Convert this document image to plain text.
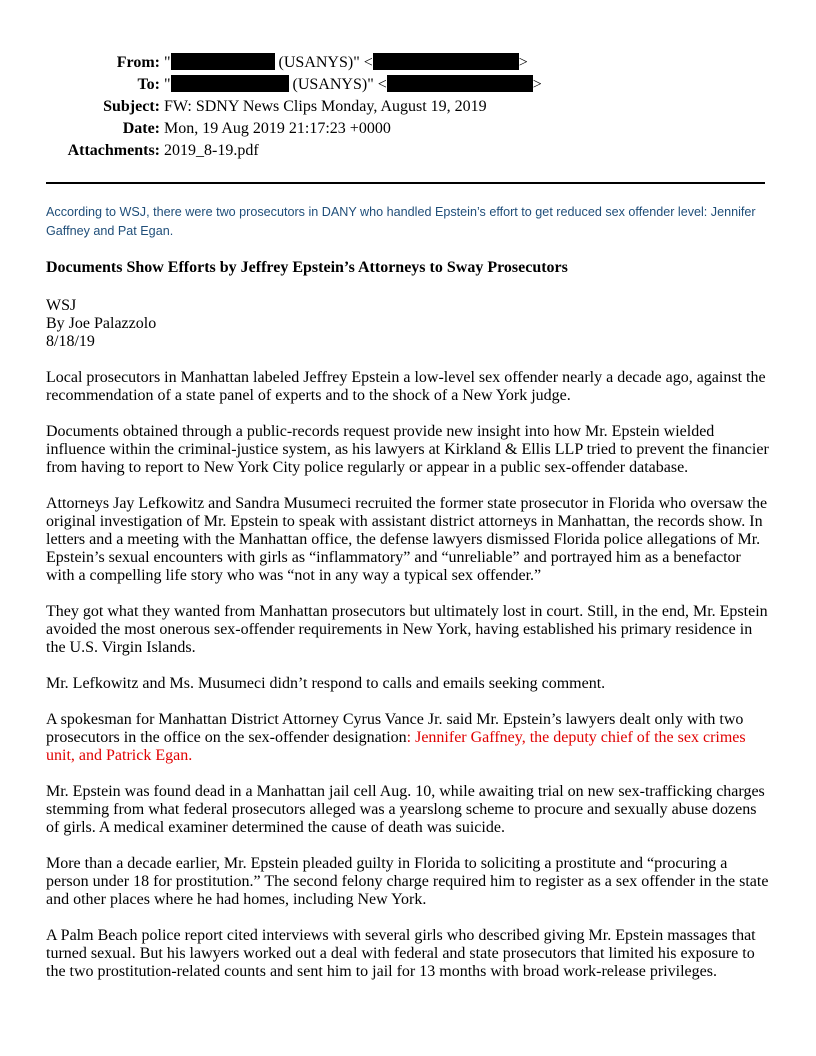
From: "	(USANYS)" <	>
To: "	(USANYS)" <	>
Subject: FW: SDNY News Clips Monday, August 19, 2019
Date: Mon, 19 Aug 2019 21:17:23 +0000
Attachments: 2019_8-19.pdf
According to WSJ, there were two prosecutors in DANY who handled Epstein’s effort to get reduced sex offender level: Jennifer Gaffney and Pat Egan.
Documents Show Efforts by Jeffrey Epstein’s Attorneys to Sway Prosecutors
WSJ
By Joe Palazzolo
8/18/19

Local prosecutors in Manhattan labeled Jeffrey Epstein a low-level sex offender nearly a decade ago, against the recommendation of a state panel of experts and to the shock of a New York judge.

Documents obtained through a public-records request provide new insight into how Mr. Epstein wielded influence within the criminal-justice system, as his lawyers at Kirkland & Ellis LLP tried to prevent the financier from having to report to New York City police regularly or appear in a public sex-offender database.

Attorneys Jay Lefkowitz and Sandra Musumeci recruited the former state prosecutor in Florida who oversaw the original investigation of Mr. Epstein to speak with assistant district attorneys in Manhattan, the records show. In letters and a meeting with the Manhattan office, the defense lawyers dismissed Florida police allegations of Mr. Epstein’s sexual encounters with girls as “inflammatory” and “unreliable” and portrayed him as a benefactor with a compelling life story who was “not in any way a typical sex offender.”

They got what they wanted from Manhattan prosecutors but ultimately lost in court. Still, in the end, Mr. Epstein avoided the most onerous sex-offender requirements in New York, having established his primary residence in the U.S. Virgin Islands.

Mr. Lefkowitz and Ms. Musumeci didn’t respond to calls and emails seeking comment.

A spokesman for Manhattan District Attorney Cyrus Vance Jr. said Mr. Epstein’s lawyers dealt only with two prosecutors in the office on the sex-offender designation: Jennifer Gaffney, the deputy chief of the sex crimes unit, and Patrick Egan.

Mr. Epstein was found dead in a Manhattan jail cell Aug. 10, while awaiting trial on new sex-trafficking charges stemming from what federal prosecutors alleged was a yearslong scheme to procure and sexually abuse dozens of girls. A medical examiner determined the cause of death was suicide.

More than a decade earlier, Mr. Epstein pleaded guilty in Florida to soliciting a prostitute and “procuring a person under 18 for prostitution.” The second felony charge required him to register as a sex offender in the state and other places where he had homes, including New York.

A Palm Beach police report cited interviews with several girls who described giving Mr. Epstein massages that turned sexual. But his lawyers worked out a deal with federal and state prosecutors that limited his exposure to the two prostitution-related counts and sent him to jail for 13 months with broad work-release privileges.
